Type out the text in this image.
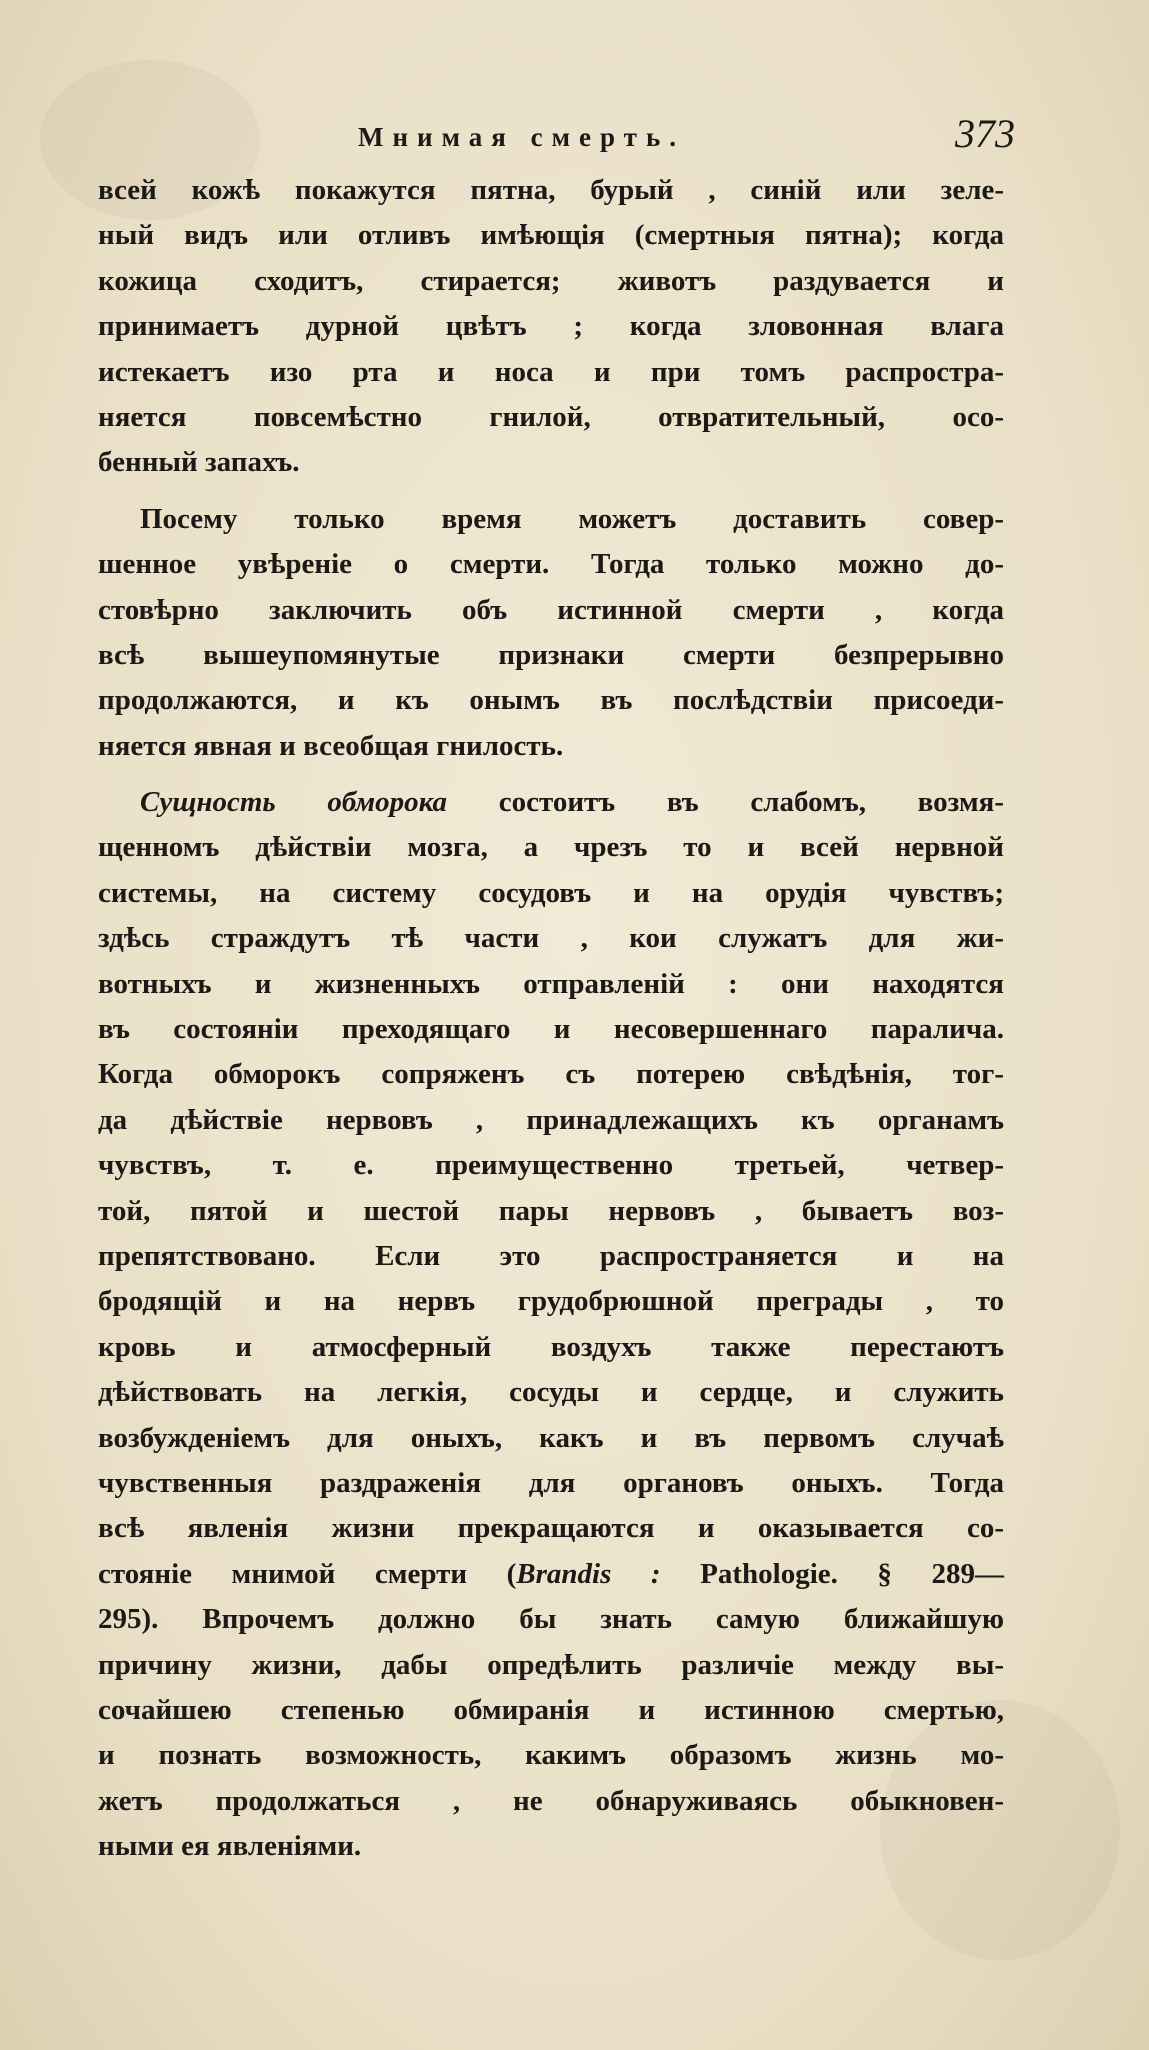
Мнимая смерть.	373
всей кожѣ покажутся пятна, бурый , синій или зеле-
ный видъ или отливъ имѣющія (смертныя пятна); когда
кожица сходитъ, стирается; животъ раздувается и
принимаетъ дурной цвѣтъ ; когда зловонная влага
истекаетъ изо рта и носа и при томъ распростра-
няется повсемѣстно гнилой, отвратительный, осо-
бенный запахъ.
Посему только время можетъ доставить совер-
шенное увѣреніе о смерти. Тогда только можно до-
стовѣрно заключить объ истинной смерти , когда
всѣ вышеупомянутые признаки смерти безпрерывно
продолжаются, и къ онымъ въ послѣдствіи присоеди-
няется явная и всеобщая гнилость.
Сущность обморока состоитъ въ слабомъ, возмя-
щенномъ дѣйствіи мозга, а чрезъ то и всей нервной
системы, на систему сосудовъ и на орудія чувствъ;
здѣсь страждутъ тѣ части , кои служатъ для жи-
вотныхъ и жизненныхъ отправленій : они находятся
въ состояніи преходящаго и несовершеннаго паралича.
Когда обморокъ сопряженъ съ потерею свѣдѣнія, тог-
да дѣйствіе нервовъ , принадлежащихъ къ органамъ
чувствъ, т. е. преимущественно третьей, четвер-
той, пятой и шестой пары нервовъ , бываетъ воз-
препятствовано. Если это распространяется и на
бродящій и на нервъ грудобрюшной преграды , то
кровь и атмосферный воздухъ также перестаютъ
дѣйствовать на легкія, сосуды и сердце, и служить
возбужденіемъ для оныхъ, какъ и въ первомъ случаѣ
чувственныя раздраженія для органовъ оныхъ. Тогда
всѣ явленія жизни прекращаются и оказывается со-
стояніе мнимой смерти (Brandis : Pathologie. § 289—
295). Впрочемъ должно бы знать самую ближайшую
причину жизни, дабы опредѣлить различіе между вы-
сочайшею степенью обмиранія и истинною смертью,
и познать возможность, какимъ образомъ жизнь мо-
жетъ продолжаться , не обнаруживаясь обыкновен-
ными ея явленіями.
